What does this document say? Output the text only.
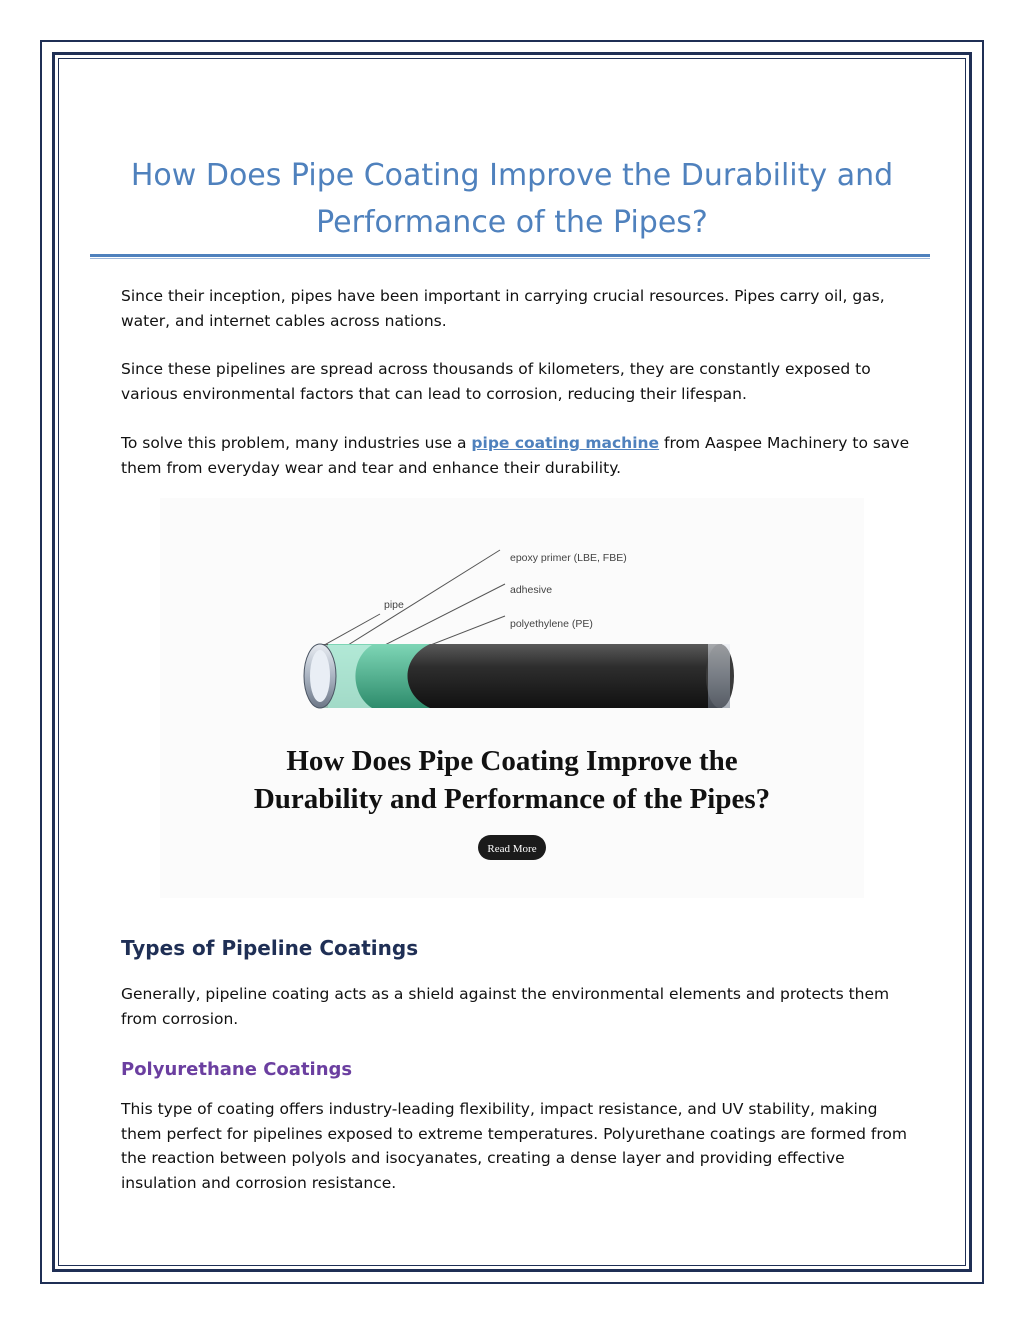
How Does Pipe Coating Improve the Durability and
Performance of the Pipes?

Since their inception, pipes have been important in carrying crucial resources. Pipes carry oil, gas, water, and internet cables across nations.

Since these pipelines are spread across thousands of kilometers, they are constantly exposed to various environmental factors that can lead to corrosion, reducing their lifespan.

To solve this problem, many industries use a pipe coating machine from Aaspee Machinery to save them from everyday wear and tear and enhance their durability.

epoxy primer (LBE, FBE)
adhesive
pipe
polyethylene (PE)
How Does Pipe Coating Improve the
Durability and Performance of the Pipes?
Read More
Types of Pipeline Coatings

Generally, pipeline coating acts as a shield against the environmental elements and protects them from corrosion.

Polyurethane Coatings

This type of coating offers industry-leading flexibility, impact resistance, and UV stability, making them perfect for pipelines exposed to extreme temperatures. Polyurethane coatings are formed from the reaction between polyols and isocyanates, creating a dense layer and providing effective insulation and corrosion resistance.
